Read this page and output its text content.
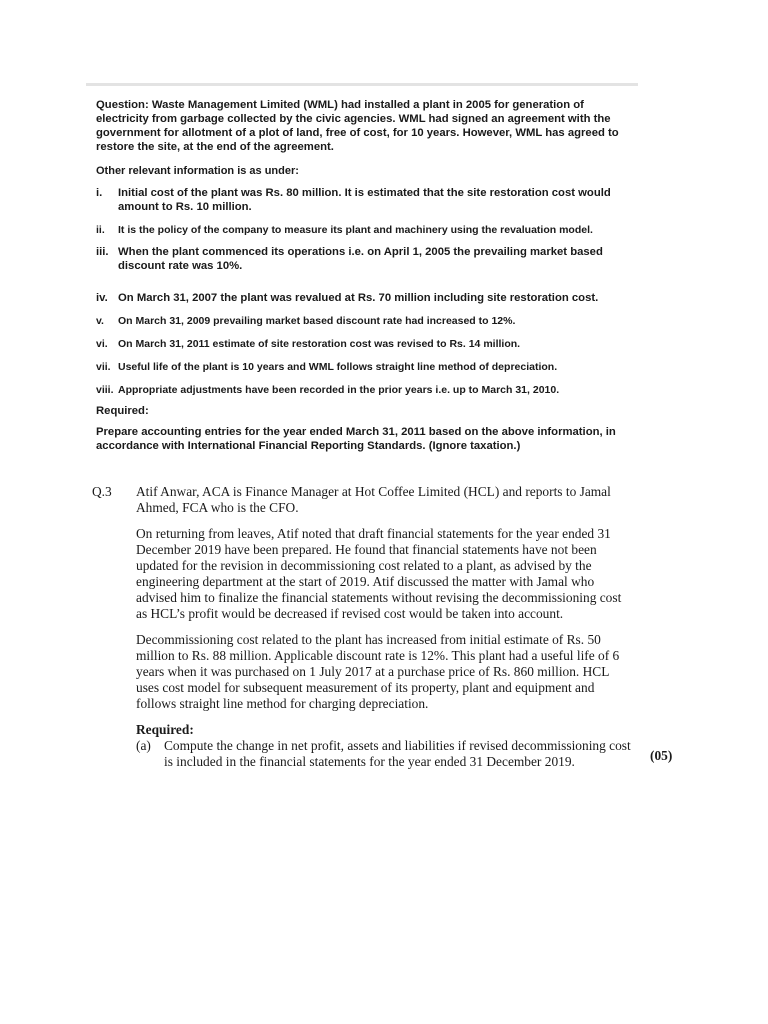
Question: Waste Management Limited (WML) had installed a plant in 2005 for generation of electricity from garbage collected by the civic agencies. WML had signed an agreement with the government for allotment of a plot of land, free of cost, for 10 years. However, WML has agreed to restore the site, at the end of the agreement.

Other relevant information is as under:

i.	Initial cost of the plant was Rs. 80 million. It is estimated that the site restoration cost would amount to Rs. 10 million.
ii.	It is the policy of the company to measure its plant and machinery using the revaluation model.
iii. When the plant commenced its operations i.e. on April 1, 2005 the prevailing market based discount rate was 10%.
iv. On March 31, 2007 the plant was revalued at Rs. 70 million including site restoration cost.
v.	On March 31, 2009 prevailing market based discount rate had increased to 12%.
vi. On March 31, 2011 estimate of site restoration cost was revised to Rs. 14 million.
vii. Useful life of the plant is 10 years and WML follows straight line method of depreciation.
viii. Appropriate adjustments have been recorded in the prior years i.e. up to March 31, 2010.

Required:

Prepare accounting entries for the year ended March 31, 2011 based on the above information, in accordance with International Financial Reporting Standards. (Ignore taxation.)

Q.3	Atif Anwar, ACA is Finance Manager at Hot Coffee Limited (HCL) and reports to Jamal Ahmed, FCA who is the CFO.

On returning from leaves, Atif noted that draft financial statements for the year ended 31 December 2019 have been prepared. He found that financial statements have not been updated for the revision in decommissioning cost related to a plant, as advised by the engineering department at the start of 2019. Atif discussed the matter with Jamal who advised him to finalize the financial statements without revising the decommissioning cost as HCL’s profit would be decreased if revised cost would be taken into account.

Decommissioning cost related to the plant has increased from initial estimate of Rs. 50 million to Rs. 88 million. Applicable discount rate is 12%. This plant had a useful life of 6 years when it was purchased on 1 July 2017 at a purchase price of Rs. 860 million. HCL uses cost model for subsequent measurement of its property, plant and equipment and follows straight line method for charging depreciation.

Required:

(a) Compute the change in net profit, assets and liabilities if revised decommissioning cost is included in the financial statements for the year ended 31 December 2019.	(05)
